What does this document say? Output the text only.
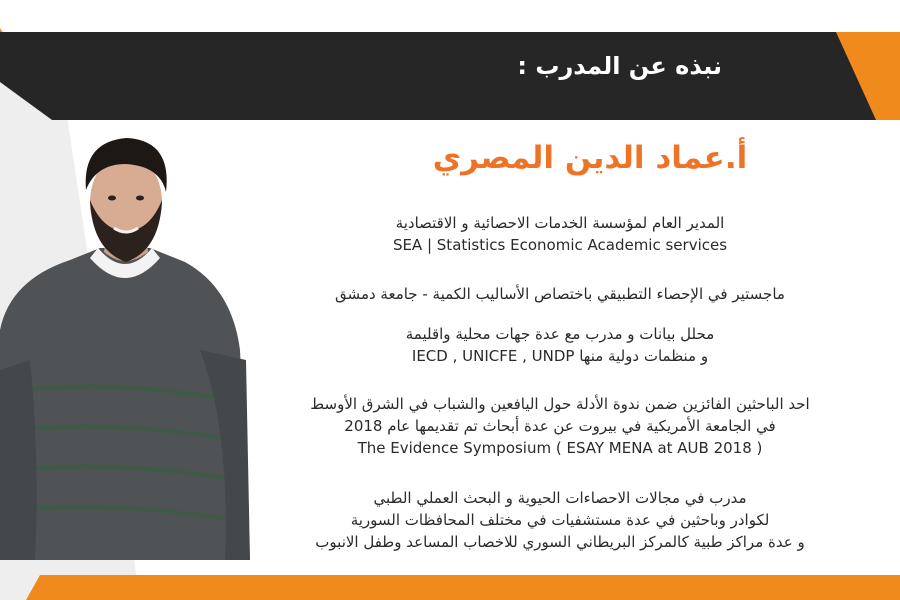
نبذه عن المدرب :
أ.عماد الدين المصري
المدير العام لمؤسسة الخدمات الاحصائية و الاقتصادية
SEA | Statistics Economic Academic services
ماجستير في الإحصاء التطبيقي باختصاص الأساليب الكمية - جامعة دمشق
محلل بيانات و مدرب مع عدة جهات محلية واقليمة
و منظمات دولية منها IECD , UNICFE , UNDP
احد الباحثين الفائزين ضمن ندوة الأدلة حول اليافعين والشباب في الشرق الأوسط
في الجامعة الأمريكية في بيروت عن عدة أبحاث تم تقديمها عام 2018
The Evidence Symposium ( ESAY MENA at AUB 2018 )
مدرب في مجالات الاحصاءات الحيوية و البحث العملي الطبي
لكوادر وباحثين في عدة مستشفيات في مختلف المحافظات السورية
و عدة مراكز طبية كالمركز البريطاني السوري للاخصاب المساعد وطفل الانبوب
